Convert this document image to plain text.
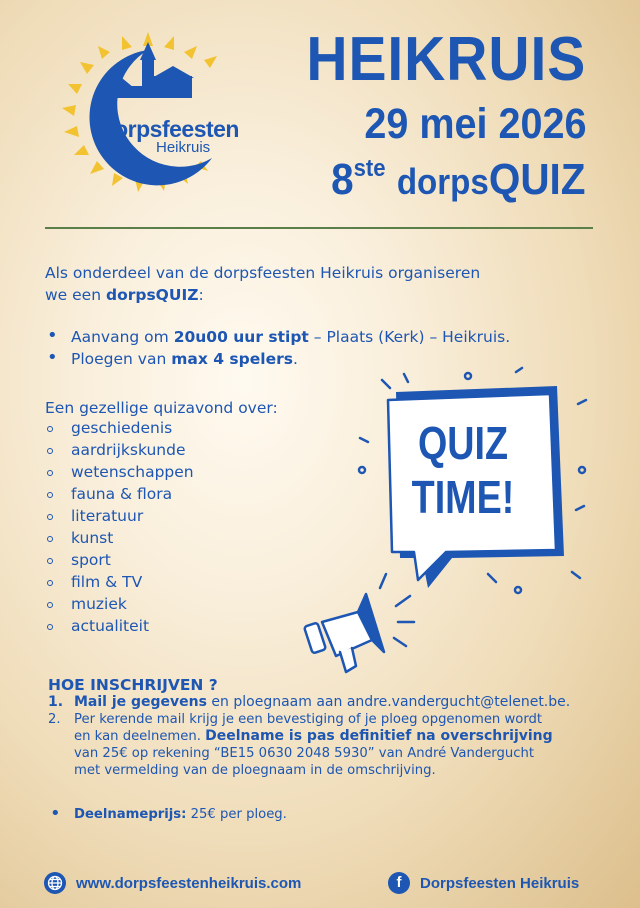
Dorpsfeesten
Heikruis
HEIKRUIS
29 mei 2026
8ste dorpsQUIZ
Als onderdeel van de dorpsfeesten Heikruis organiseren
we een dorpsQUIZ:
• Aanvang om 20u00 uur stipt – Plaats (Kerk) – Heikruis.
• Ploegen van max 4 spelers.
Een gezellige quizavond over:
geschiedenis
aardrijkskunde
wetenschappen
fauna & flora
literatuur
kunst
sport
film & TV
muziek
actualiteit
QUIZ
TIME!
HOE INSCHRIJVEN ?
1. Mail je gegevens en ploegnaam aan andre.vandergucht@telenet.be.
2. Per kerende mail krijg je een bevestiging of je ploeg opgenomen wordt
en kan deelnemen. Deelname is pas definitief na overschrijving
van 25€ op rekening “BE15 0630 2048 5930” van André Vandergucht
met vermelding van de ploegnaam in de omschrijving.
• Deelnameprijs: 25€ per ploeg.
www.dorpsfeestenheikruis.com	f Dorpsfeesten Heikruis
